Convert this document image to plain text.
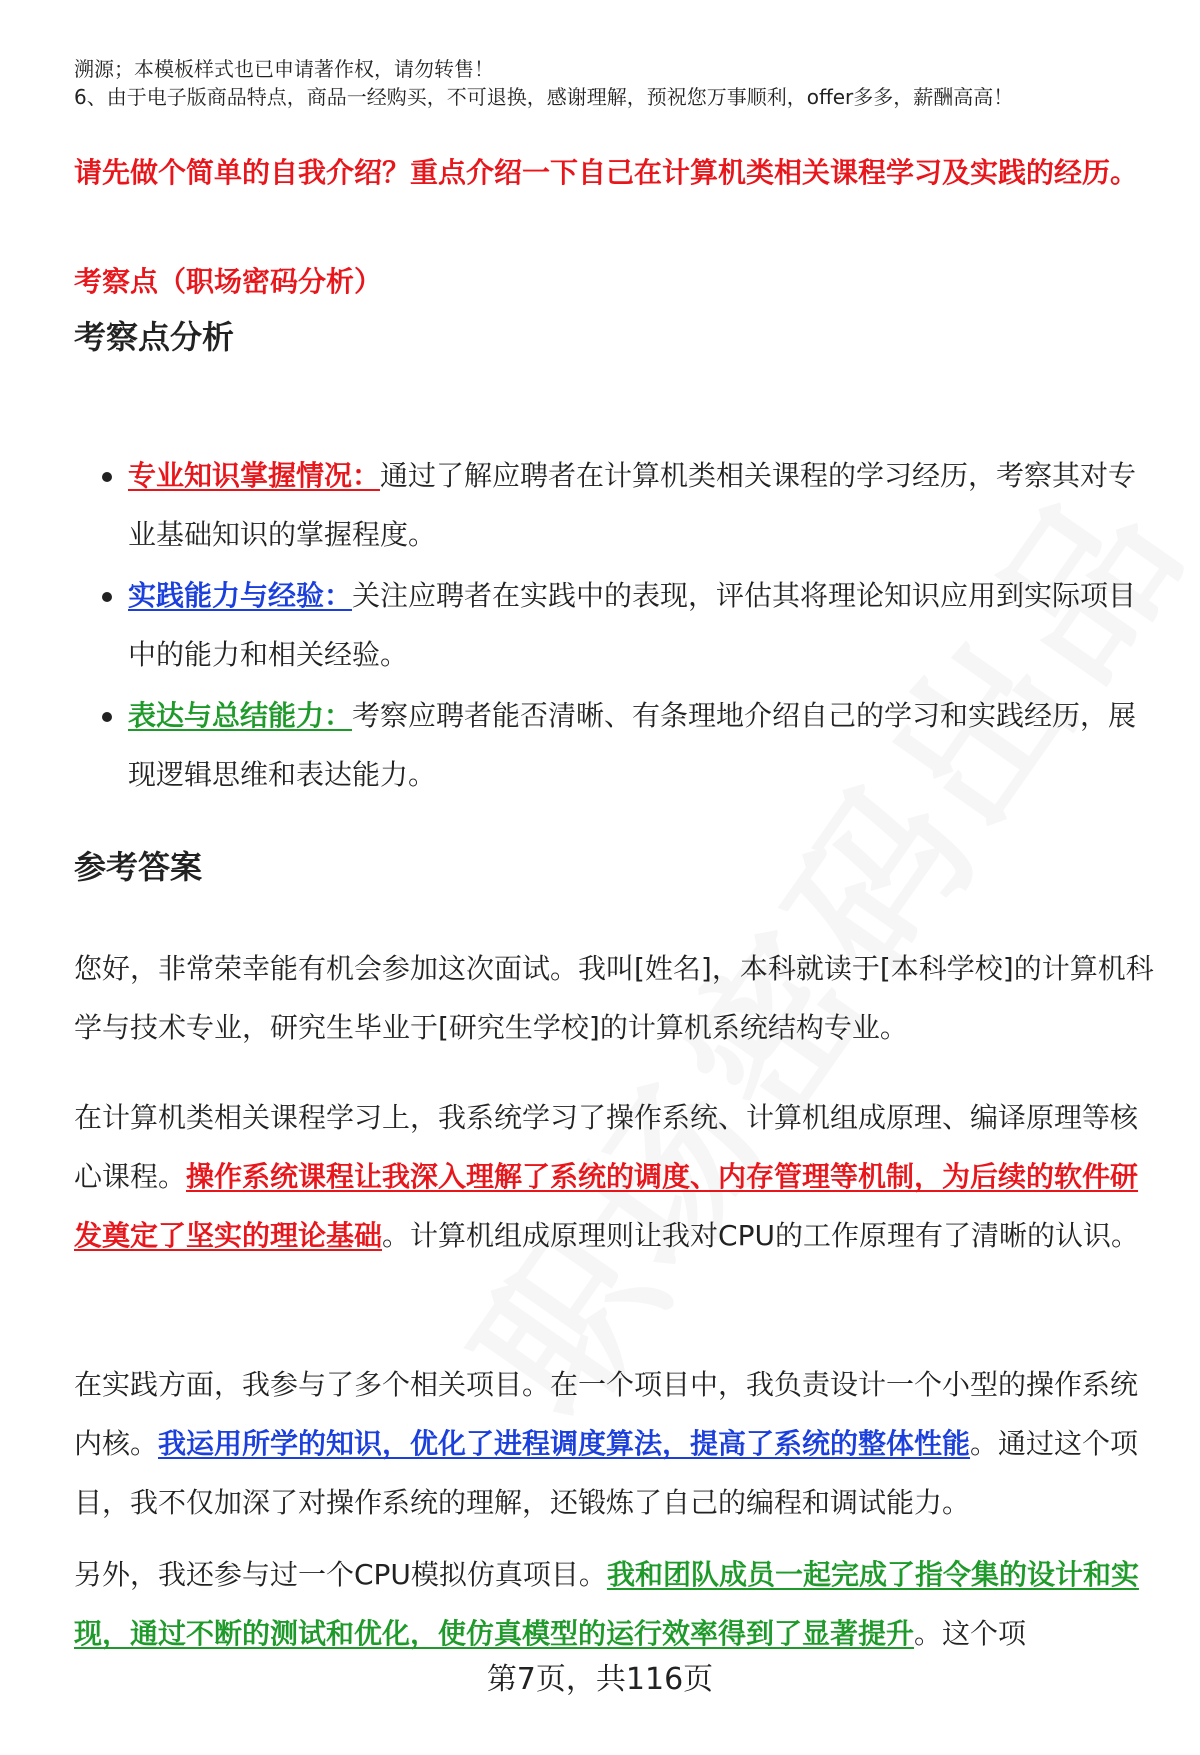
溯源；本模板样式也已申请著作权，请勿转售！
6、由于电子版商品特点，商品一经购买，不可退换，感谢理解，预祝您万事顺利，offer多多，薪酬高高！
请先做个简单的自我介绍？重点介绍一下自己在计算机类相关课程学习及实践的经历。
考察点（职场密码分析）
考察点分析
专业知识掌握情况：通过了解应聘者在计算机类相关课程的学习经历，考察其对专业基础知识的掌握程度。
实践能力与经验：关注应聘者在实践中的表现，评估其将理论知识应用到实际项目中的能力和相关经验。
表达与总结能力：考察应聘者能否清晰、有条理地介绍自己的学习和实践经历，展现逻辑思维和表达能力。
参考答案

您好，非常荣幸能有机会参加这次面试。我叫[姓名]，本科就读于[本科学校]的计算机科学与技术专业，研究生毕业于[研究生学校]的计算机系统结构专业。

在计算机类相关课程学习上，我系统学习了操作系统、计算机组成原理、编译原理等核心课程。操作系统课程让我深入理解了系统的调度、内存管理等机制，为后续的软件研发奠定了坚实的理论基础。计算机组成原理则让我对CPU的工作原理有了清晰的认识。

在实践方面，我参与了多个相关项目。在一个项目中，我负责设计一个小型的操作系统内核。我运用所学的知识，优化了进程调度算法，提高了系统的整体性能。通过这个项目，我不仅加深了对操作系统的理解，还锻炼了自己的编程和调试能力。

另外，我还参与过一个CPU模拟仿真项目。我和团队成员一起完成了指令集的设计和实现，通过不断的测试和优化，使仿真模型的运行效率得到了显著提升。这个项

第7页，共116页
